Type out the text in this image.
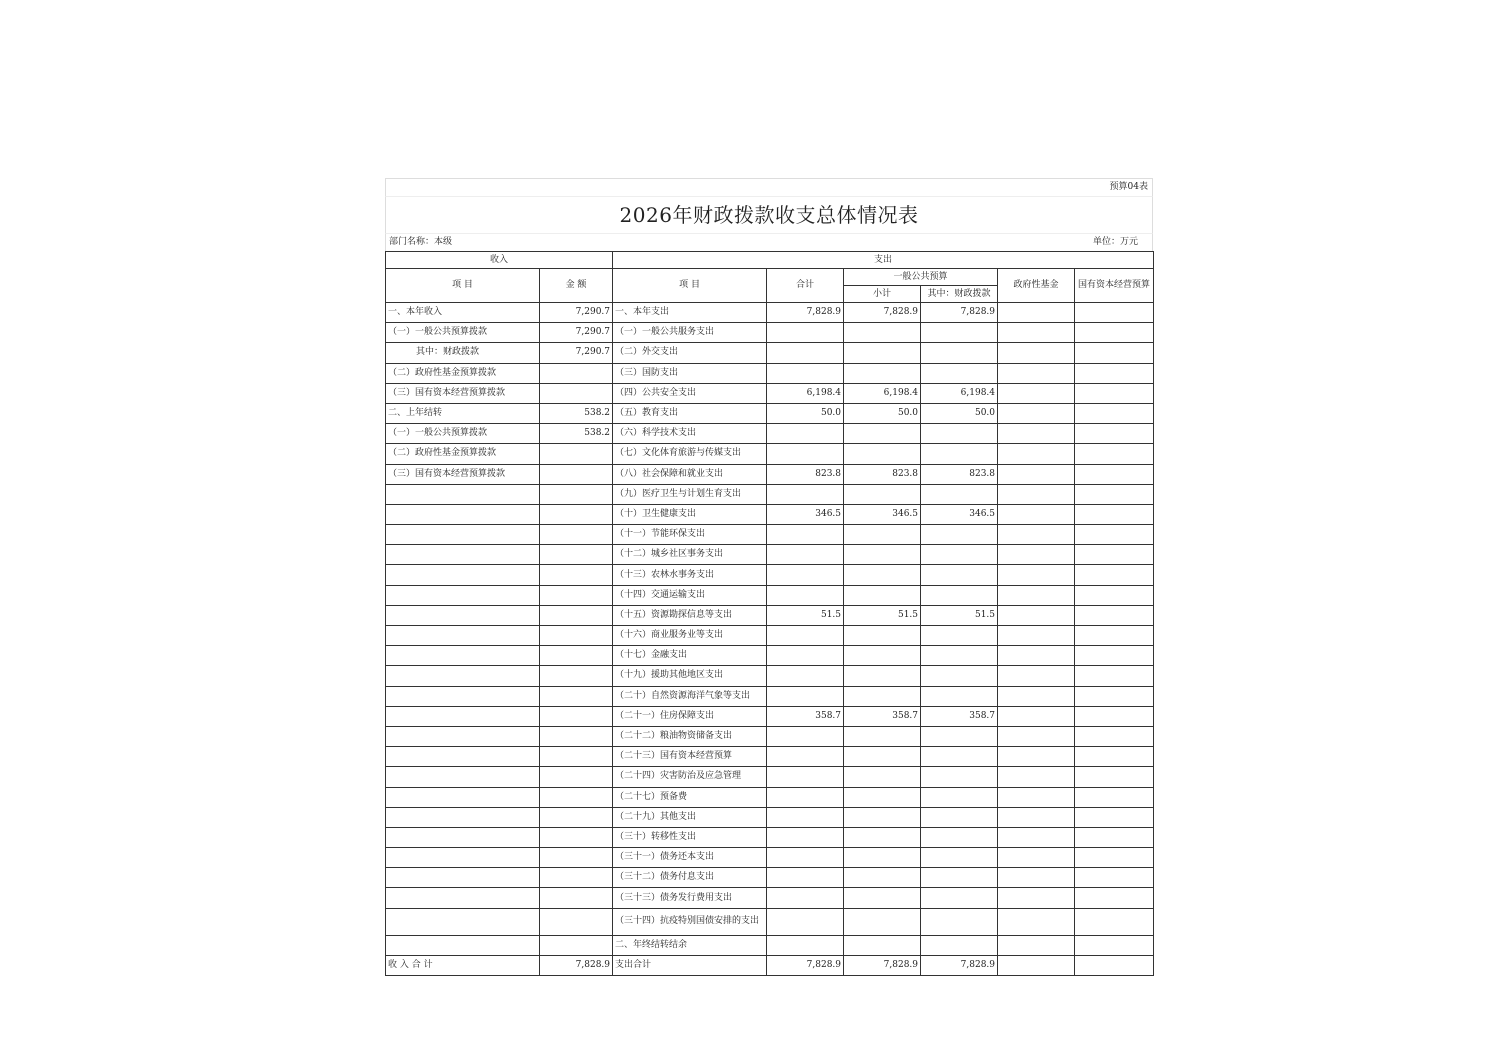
预算04表
2026年财政拨款收支总体情况表
部门名称：本级	单位：万元
收入		支出					
项 目	金 额	项 目	合计	一般公共预算		政府性基金	国有资本经营预算
				小计	其中：财政拨款		
一、本年收入	7,290.7	一、本年支出	7,828.9	7,828.9	7,828.9		
（一）一般公共预算拨款	7,290.7	（一）一般公共服务支出					
其中：财政拨款	7,290.7	（二）外交支出					
（二）政府性基金预算拨款		（三）国防支出					
（三）国有资本经营预算拨款		（四）公共安全支出	6,198.4	6,198.4	6,198.4		
二、上年结转	538.2	（五）教育支出	50.0	50.0	50.0		
（一）一般公共预算拨款	538.2	（六）科学技术支出					
（二）政府性基金预算拨款		（七）文化体育旅游与传媒支出					
（三）国有资本经营预算拨款		（八）社会保障和就业支出	823.8	823.8	823.8		
		（九）医疗卫生与计划生育支出					
		（十）卫生健康支出	346.5	346.5	346.5		
		（十一）节能环保支出					
		（十二）城乡社区事务支出					
		（十三）农林水事务支出					
		（十四）交通运输支出					
		（十五）资源勘探信息等支出	51.5	51.5	51.5		
		（十六）商业服务业等支出					
		（十七）金融支出					
		（十九）援助其他地区支出					
		（二十）自然资源海洋气象等支出					
		（二十一）住房保障支出	358.7	358.7	358.7		
		（二十二）粮油物资储备支出					
		（二十三）国有资本经营预算					
		（二十四）灾害防治及应急管理					
		（二十七）预备费					
		（二十九）其他支出					
		（三十）转移性支出					
		（三十一）债务还本支出					
		（三十二）债务付息支出					
		（三十三）债务发行费用支出					
		（三十四）抗疫特别国债安排的支出					
		二、年终结转结余					
收 入 合 计	7,828.9	支出合计	7,828.9	7,828.9	7,828.9		
